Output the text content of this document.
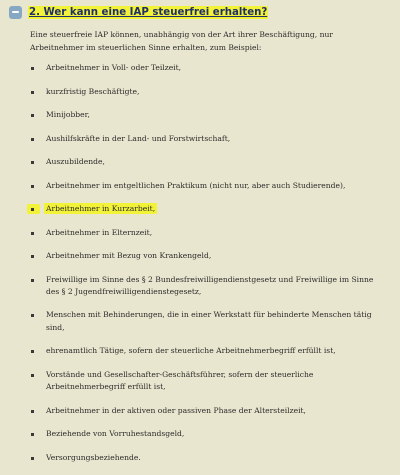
2. Wer kann eine IAP steuerfrei erhalten?

Eine steuerfreie IAP können, unabhängig von der Art ihrer Beschäftigung, nur Arbeitnehmer im steuerlichen Sinne erhalten, zum Beispiel:

Arbeitnehmer in Voll- oder Teilzeit,
kurzfristig Beschäftigte,
Minijobber,
Aushilfskräfte in der Land- und Forstwirtschaft,
Auszubildende,
Arbeitnehmer im entgeltlichen Praktikum (nicht nur, aber auch Studierende),
Arbeitnehmer in Kurzarbeit,
Arbeitnehmer in Elternzeit,
Arbeitnehmer mit Bezug von Krankengeld,
Freiwillige im Sinne des § 2 Bundesfreiwilligendienstgesetz und Freiwillige im Sinne des § 2 Jugendfreiwilligendienstegesetz,
Menschen mit Behinderungen, die in einer Werkstatt für behinderte Menschen tätig sind,
ehrenamtlich Tätige, sofern der steuerliche Arbeitnehmerbegriff erfüllt ist,
Vorstände und Gesellschafter-Geschäftsführer, sofern der steuerliche Arbeitnehmerbegriff erfüllt ist,
Arbeitnehmer in der aktiven oder passiven Phase der Altersteilzeit,
Beziehende von Vorruhestandsgeld,
Versorgungsbeziehende.
